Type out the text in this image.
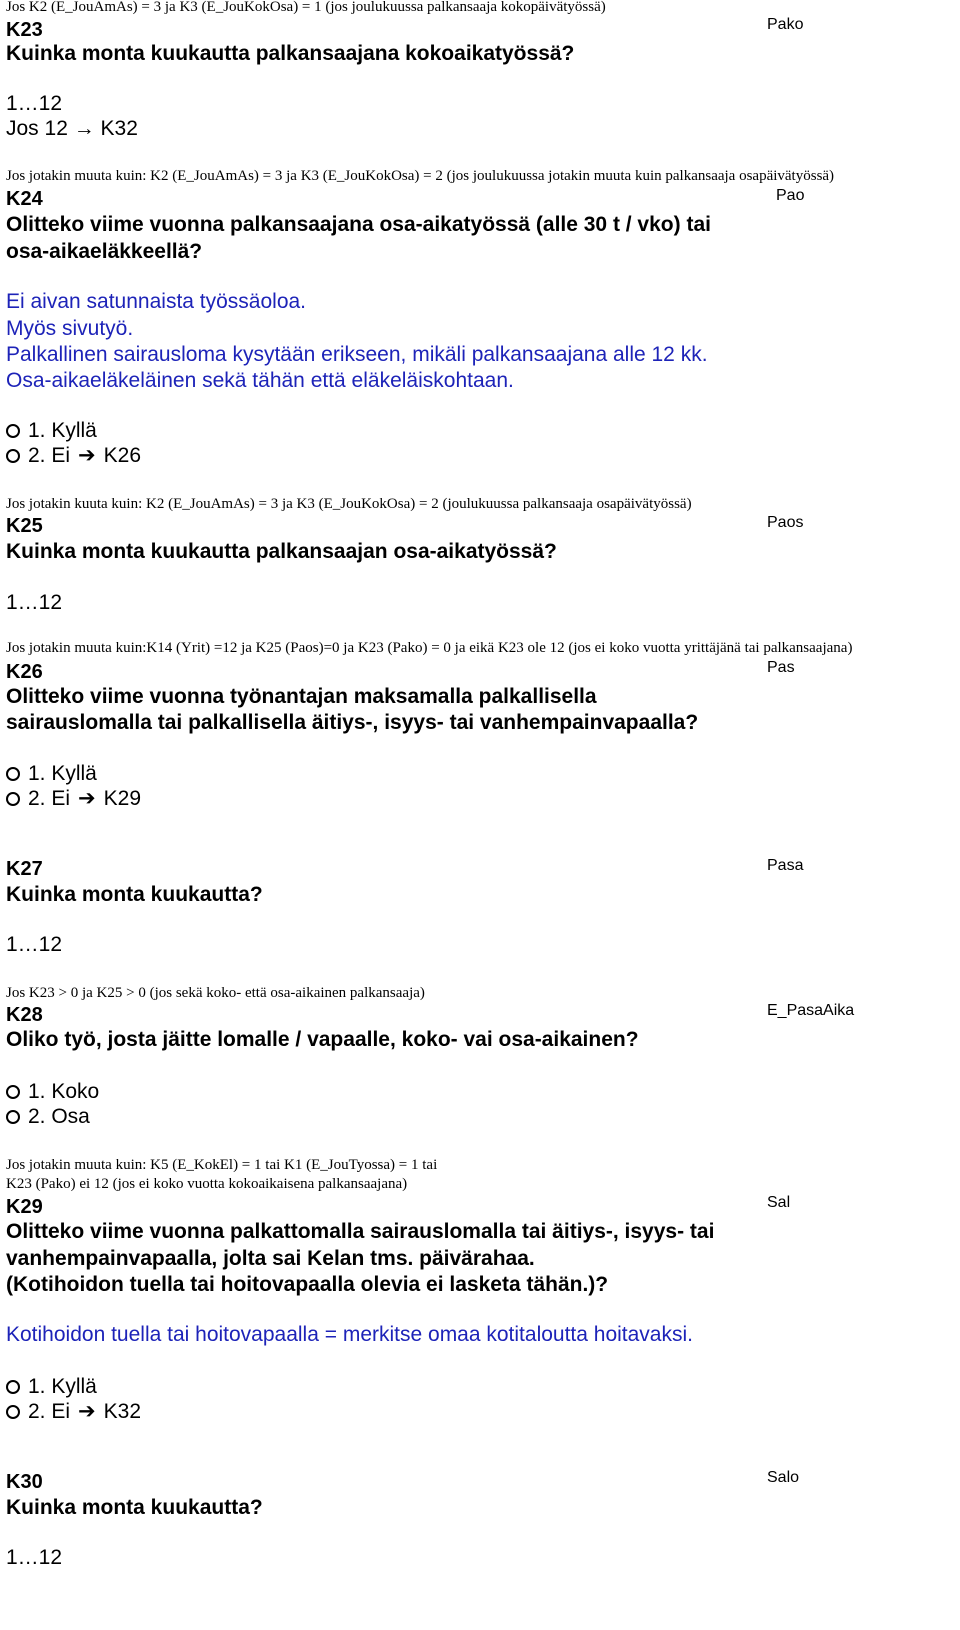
Jos K2 (E_JouAmAs) = 3 ja K3 (E_JouKokOsa) = 1 (jos joulukuussa palkansaaja kokopäivätyössä)
K23	Pako
Kuinka monta kuukautta palkansaajana kokoaikatyössä?
1…12
Jos 12 → K32
Jos jotakin muuta kuin: K2 (E_JouAmAs) = 3 ja K3 (E_JouKokOsa) = 2 (jos joulukuussa jotakin muuta kuin palkansaaja osapäivätyössä)
K24	Pao
Olitteko viime vuonna palkansaajana osa-aikatyössä (alle 30 t / vko) tai
osa-aikaeläkkeellä?
Ei aivan satunnaista työssäoloa.
Myös sivutyö.
Palkallinen sairausloma kysytään erikseen, mikäli palkansaajana alle 12 kk.
Osa-aikaeläkeläinen sekä tähän että eläkeläiskohtaan.
1. Kyllä
2. Ei ➔ K26
Jos jotakin kuuta kuin: K2 (E_JouAmAs) = 3 ja K3 (E_JouKokOsa) = 2 (joulukuussa palkansaaja osapäivätyössä)
K25	Paos
Kuinka monta kuukautta palkansaajan osa-aikatyössä?
1…12
Jos jotakin muuta kuin:K14 (Yrit) =12 ja K25 (Paos)=0 ja K23 (Pako) = 0 ja eikä K23 ole 12 (jos ei koko vuotta yrittäjänä tai palkansaajana)
K26	Pas
Olitteko viime vuonna työnantajan maksamalla palkallisella
sairauslomalla tai palkallisella äitiys-, isyys- tai vanhempainvapaalla?
1. Kyllä
2. Ei ➔ K29
K27	Pasa
Kuinka monta kuukautta?
1…12
Jos K23 > 0 ja K25 > 0 (jos sekä koko- että osa-aikainen palkansaaja)
K28	E_PasaAika
Oliko työ, josta jäitte lomalle / vapaalle, koko- vai osa-aikainen?
1. Koko
2. Osa
Jos jotakin muuta kuin: K5 (E_KokEl) = 1 tai K1 (E_JouTyossa) = 1 tai
K23 (Pako) ei 12 (jos ei koko vuotta kokoaikaisena palkansaajana)
K29	Sal
Olitteko viime vuonna palkattomalla sairauslomalla tai äitiys-, isyys- tai
vanhempainvapaalla, jolta sai Kelan tms. päivärahaa.
(Kotihoidon tuella tai hoitovapaalla olevia ei lasketa tähän.)?
Kotihoidon tuella tai hoitovapaalla = merkitse omaa kotitaloutta hoitavaksi.
1. Kyllä
2. Ei ➔ K32
K30	Salo
Kuinka monta kuukautta?
1…12
